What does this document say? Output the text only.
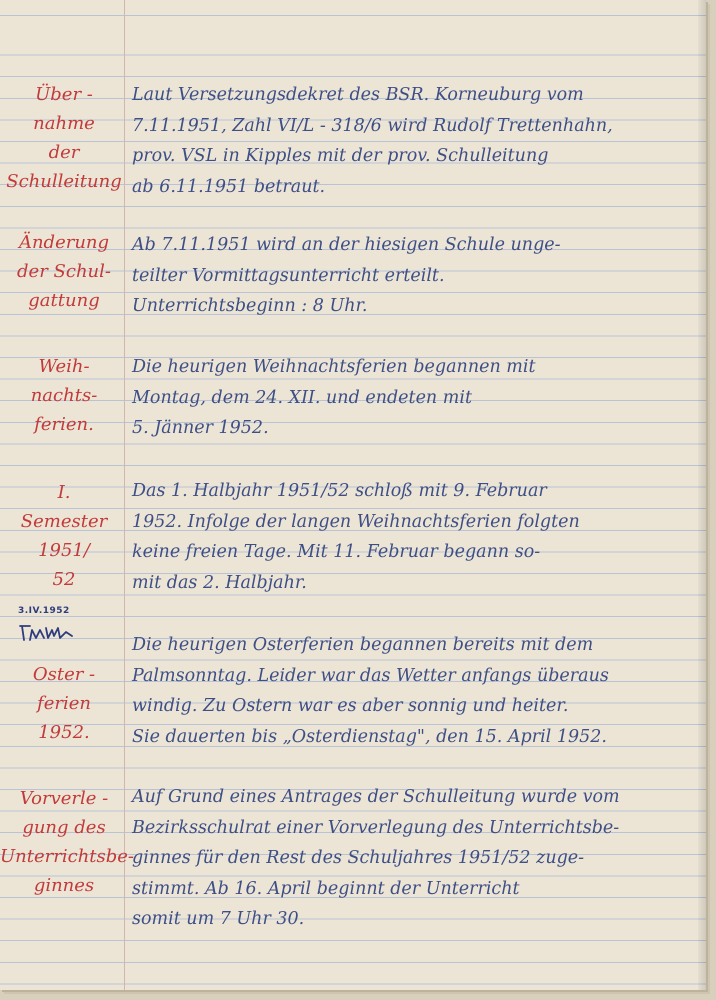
Über -
nahme
der
Schulleitung
Laut Versetzungsdekret des BSR. Korneuburg vom
7.11.1951, Zahl VI/L - 318/6 wird Rudolf Trettenhahn,
prov. VSL in Kipples mit der prov. Schulleitung
ab 6.11.1951 betraut.
Änderung
der Schul-
gattung
Ab 7.11.1951 wird an der hiesigen Schule unge-
teilter Vormittagsunterricht erteilt.
Unterrichtsbeginn : 8 Uhr.
Weih-
nachts-
ferien.
Die heurigen Weihnachtsferien begannen mit
Montag, dem 24. XII. und endeten mit
5. Jänner 1952.
I.
Semester
1951/
52
Das 1. Halbjahr 1951/52 schloß mit 9. Februar
1952. Infolge der langen Weihnachtsferien folgten
keine freien Tage. Mit 11. Februar begann so-
mit das 2. Halbjahr.
3.IV.1952
Oster -
ferien
1952.
Die heurigen Osterferien begannen bereits mit dem
Palmsonntag. Leider war das Wetter anfangs überaus
windig. Zu Ostern war es aber sonnig und heiter.
Sie dauerten bis „Osterdienstag", den 15. April 1952.
Vorverle -
gung des
Unterrichtsbe-
ginnes
Auf Grund eines Antrages der Schulleitung wurde vom
Bezirksschulrat einer Vorverlegung des Unterrichtsbe-
ginnes für den Rest des Schuljahres 1951/52 zuge-
stimmt. Ab 16. April beginnt der Unterricht
somit um 7 Uhr 30.
